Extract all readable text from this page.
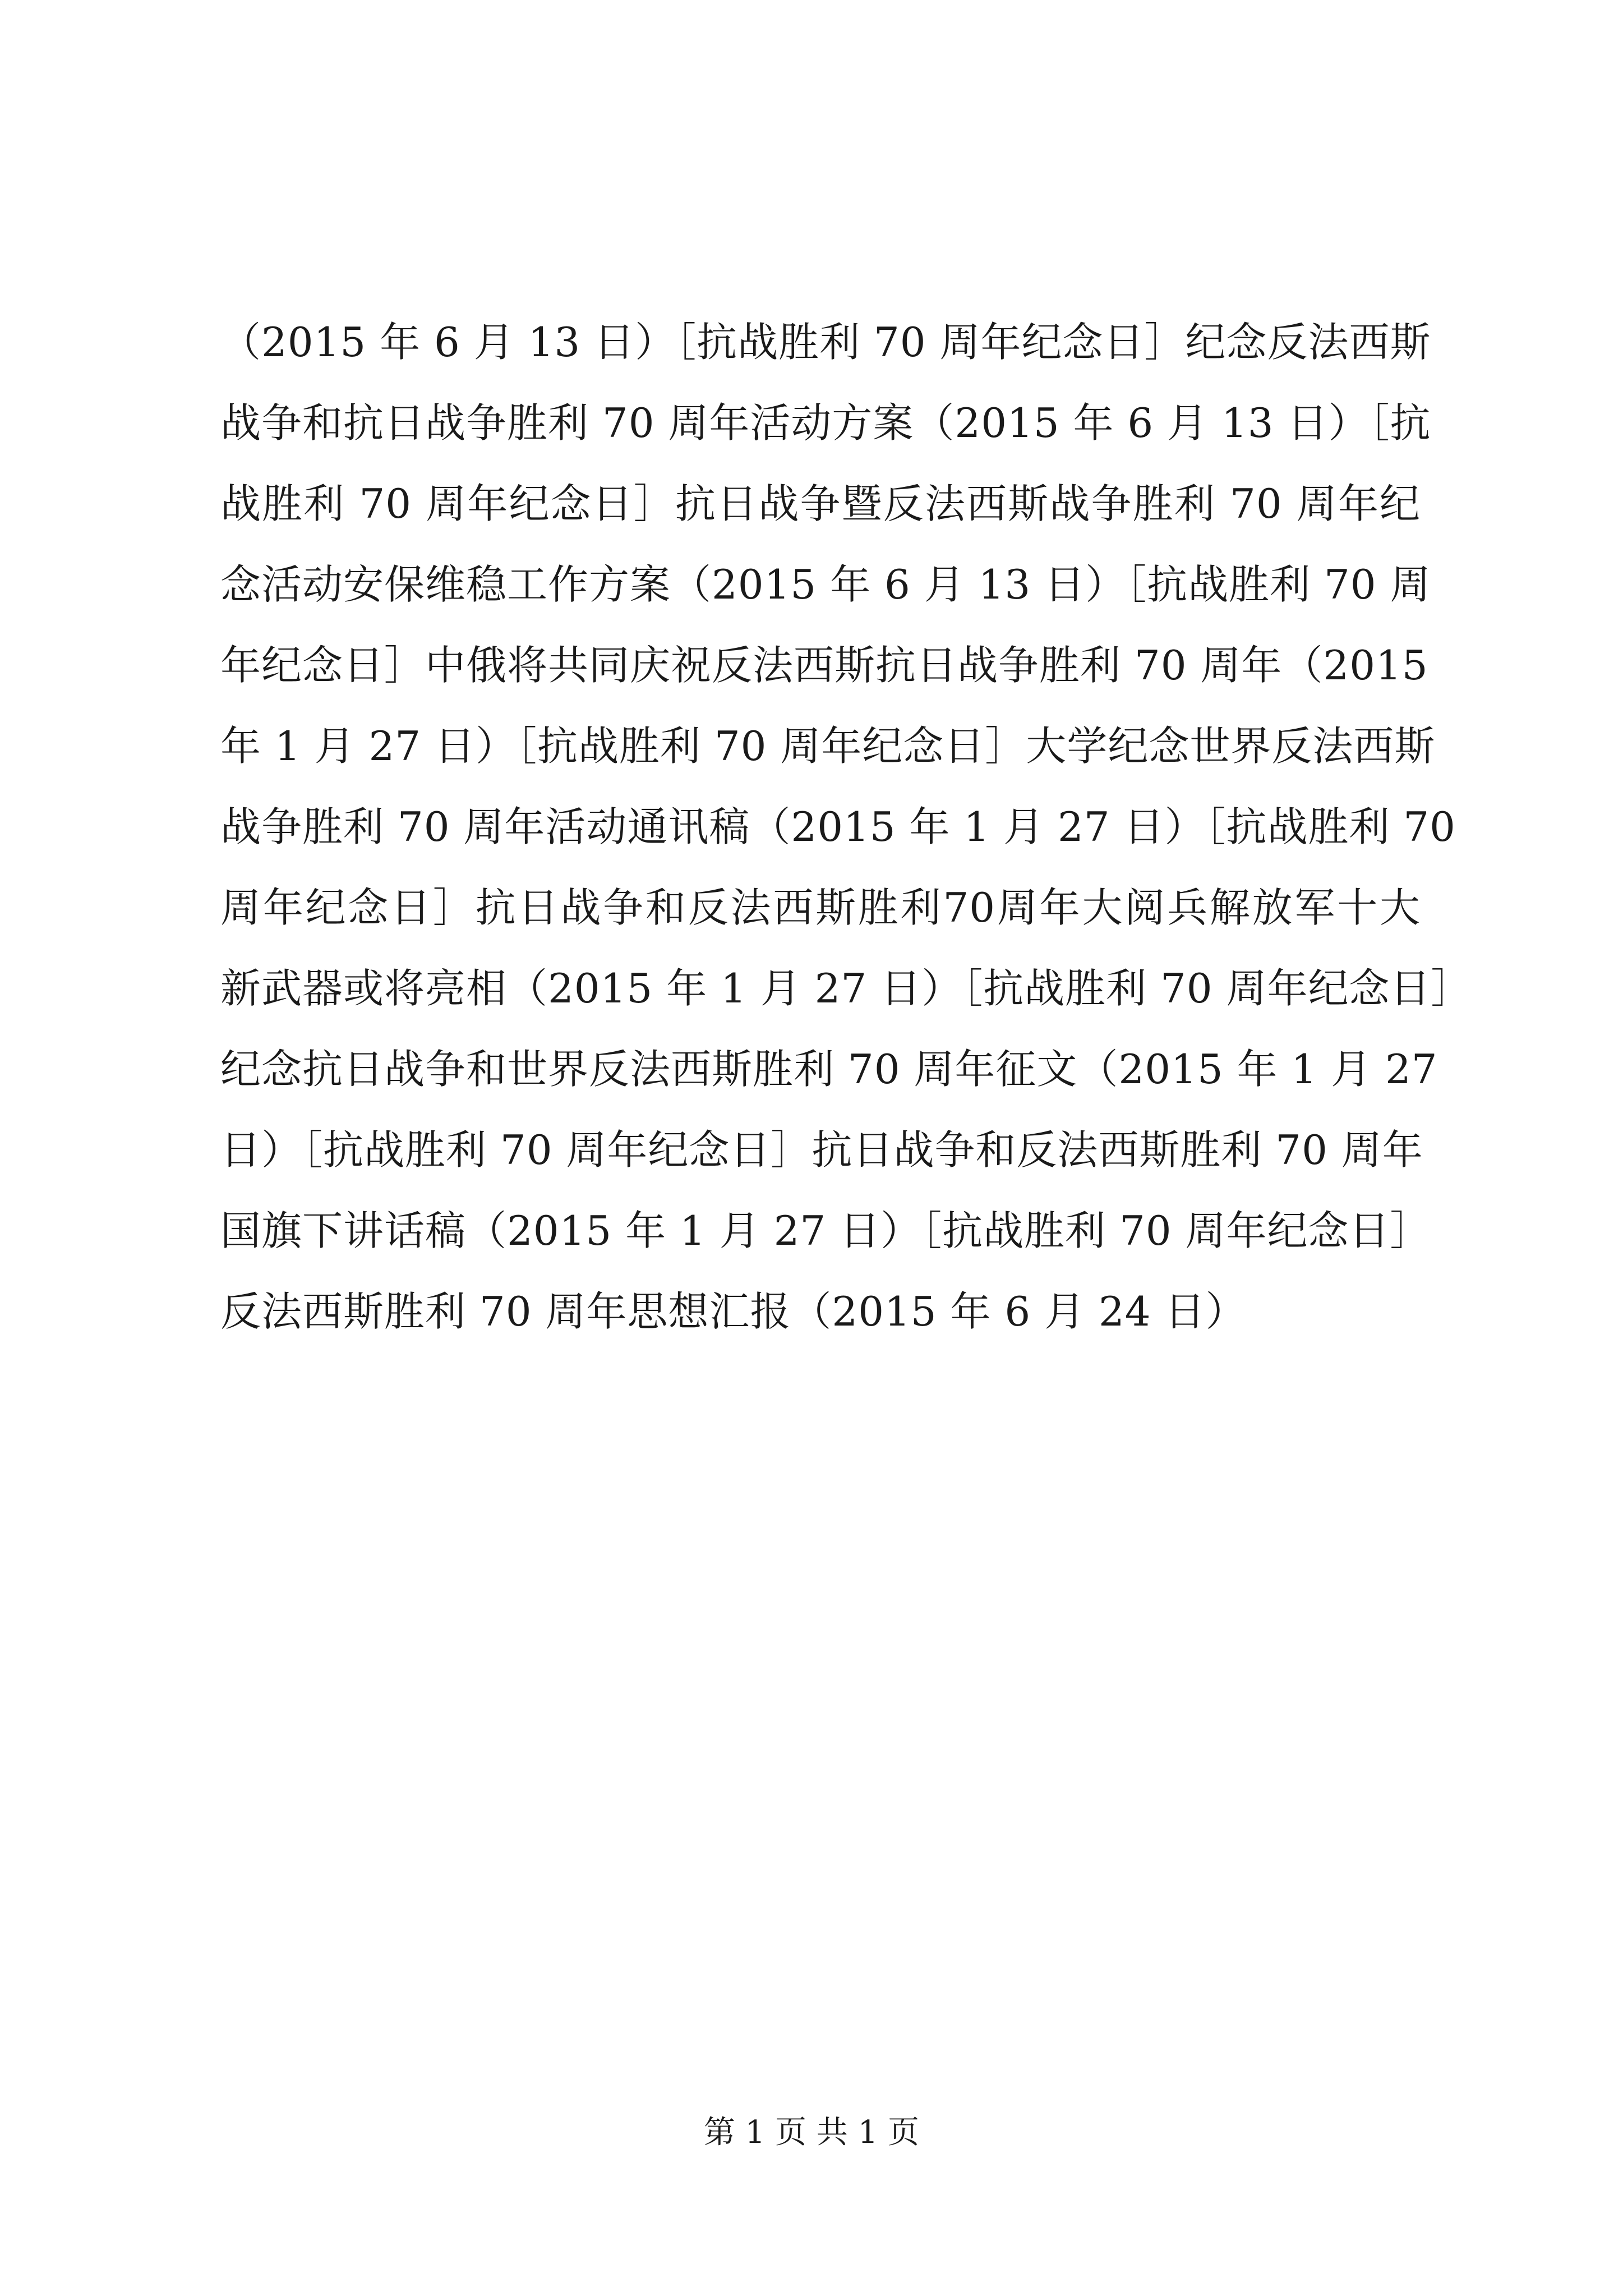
（2015 年 6 月 13 日）［抗战胜利 70 周年纪念日］纪念反法西斯
战争和抗日战争胜利 70 周年活动方案（2015 年 6 月 13 日）［抗
战胜利 70 周年纪念日］抗日战争暨反法西斯战争胜利 70 周年纪
念活动安保维稳工作方案（2015 年 6 月 13 日）［抗战胜利 70 周
年纪念日］中俄将共同庆祝反法西斯抗日战争胜利 70 周年（2015
年 1 月 27 日）［抗战胜利 70 周年纪念日］大学纪念世界反法西斯
战争胜利 70 周年活动通讯稿（2015 年 1 月 27 日）［抗战胜利 70
周年纪念日］抗日战争和反法西斯胜利70周年大阅兵解放军十大
新武器或将亮相（2015 年 1 月 27 日）［抗战胜利 70 周年纪念日］
纪念抗日战争和世界反法西斯胜利 70 周年征文（2015 年 1 月 27
日）［抗战胜利 70 周年纪念日］抗日战争和反法西斯胜利 70 周年
国旗下讲话稿（2015 年 1 月 27 日）［抗战胜利 70 周年纪念日］
反法西斯胜利 70 周年思想汇报（2015 年 6 月 24 日）
第 1 页 共 1 页
